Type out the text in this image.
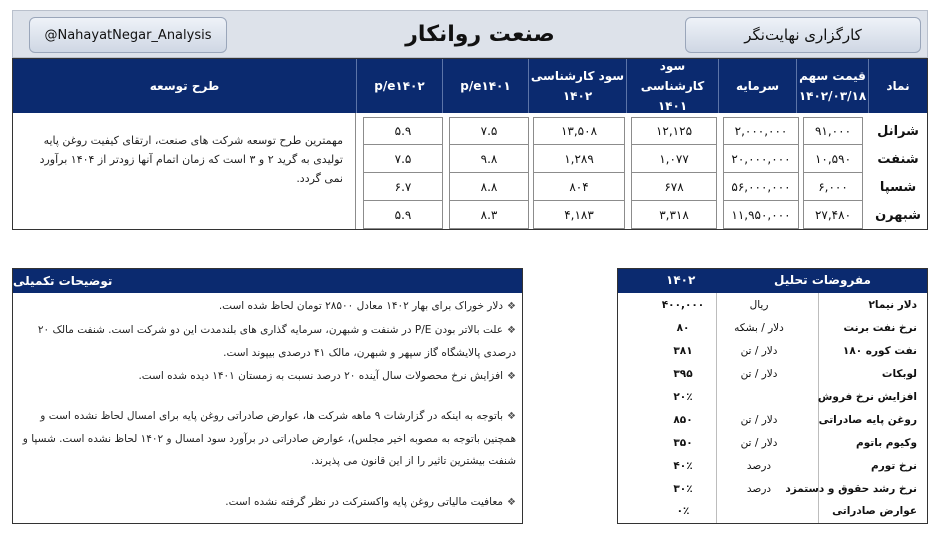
@NahayatNegar_Analysis	صنعت روانکار	کارگزاری نهایت‌نگر
نماد
قیمت سهم
۱۴۰۲/۰۳/۱۸
سرمایه
سود کارشناسی
۱۴۰۱
سود کارشناسی
۱۴۰۲
p/e۱۴۰۱
p/e۱۴۰۲
طرح توسعه
شرانل
۹۱,۰۰۰
۲,۰۰۰,۰۰۰
۱۲,۱۲۵
۱۳,۵۰۸
۷.۵
۵.۹
شنفت
۱۰,۵۹۰
۲۰,۰۰۰,۰۰۰
۱,۰۷۷
۱,۲۸۹
۹.۸
۷.۵
شسپا
۶,۰۰۰
۵۶,۰۰۰,۰۰۰
۶۷۸
۸۰۴
۸.۸
۶.۷
شبهرن
۲۷,۴۸۰
۱۱,۹۵۰,۰۰۰
۳,۳۱۸
۴,۱۸۳
۸.۳
۵.۹

مهمترین طرح توسعه شرکت های صنعت، ارتقای کیفیت روغن پایه تولیدی به گرید ۲ و ۳ است که زمان اتمام آنها زودتر از ۱۴۰۴ برآورد نمی گردد.

توضیحات تکمیلی
❖دلار خوراک برای بهار ۱۴۰۲ معادل ۲۸۵۰۰ تومان لحاظ شده است.
❖علت بالاتر بودن P/E در شنفت و شبهرن، سرمایه گذاری های بلندمدت این دو شرکت است. شنفت مالک ۲۰ درصدی پالایشگاه گاز سپهر و شبهرن، مالک ۴۱ درصدی بیپوند است.
❖افزایش نرخ محصولات سال آینده ۲۰ درصد نسبت به زمستان ۱۴۰۱ دیده شده است.
❖باتوجه به اینکه در گزارشات ۹ ماهه شرکت ها، عوارض صادراتی روغن پایه برای امسال لحاظ نشده است و همچنین باتوجه به مصوبه اخیر مجلس)، عوارض صادراتی در برآورد سود امسال و ۱۴۰۲ لحاظ نشده است. شسپا و شنفت بیشترین تاثیر را از این قانون می پذیرند.
❖معافیت مالیاتی روغن پایه واکسترکت در نظر گرفته نشده است.
مفروضات تحلیل
۱۴۰۲
دلار نیما۲
ریال
۴۰۰,۰۰۰
نرخ نفت برنت
دلار / بشکه
۸۰
نفت کوره ۱۸۰
دلار / تن
۳۸۱
لوبکات
دلار / تن
۳۹۵
افزایش نرخ فروش
۲۰٪
روغن پایه صادراتی
دلار / تن
۸۵۰
وکیوم باتوم
دلار / تن
۳۵۰
نرخ تورم
درصد
۴۰٪
نرخ رشد حقوق و دستمزد
درصد
۳۰٪
عوارض صادراتی
۰٪
